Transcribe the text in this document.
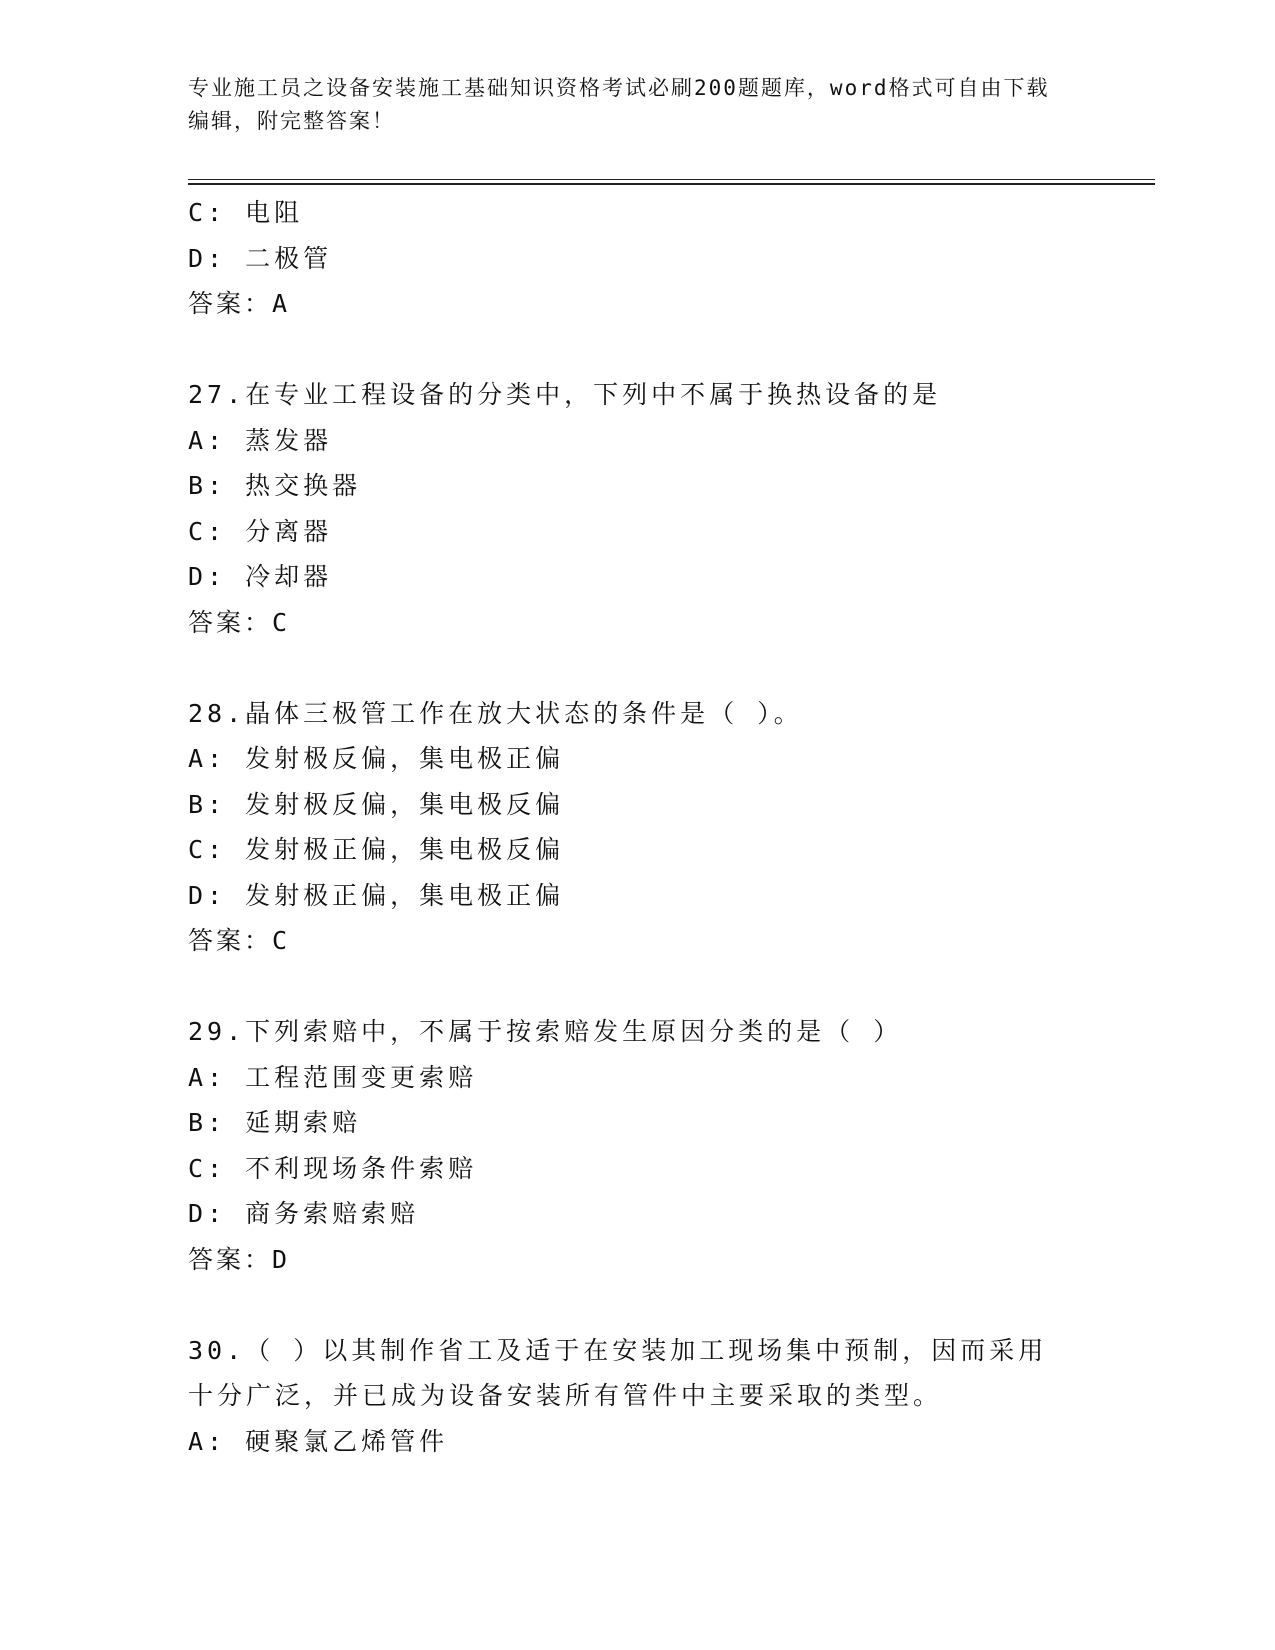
专业施工员之设备安装施工基础知识资格考试必刷200题题库，word格式可自由下载编辑，附完整答案！
C: 电阻
D: 二极管
答案：A
27.在专业工程设备的分类中，下列中不属于换热设备的是
A: 蒸发器
B: 热交换器
C: 分离器
D: 冷却器
答案：C
28.晶体三极管工作在放大状态的条件是（ ）。
A: 发射极反偏，集电极正偏
B: 发射极反偏，集电极反偏
C: 发射极正偏，集电极反偏
D: 发射极正偏，集电极正偏
答案：C
29.下列索赔中，不属于按索赔发生原因分类的是（ ）
A: 工程范围变更索赔
B: 延期索赔
C: 不利现场条件索赔
D: 商务索赔索赔
答案：D
30.（ ）以其制作省工及适于在安装加工现场集中预制，因而采用十分广泛，并已成为设备安装所有管件中主要采取的类型。
A: 硬聚氯乙烯管件
